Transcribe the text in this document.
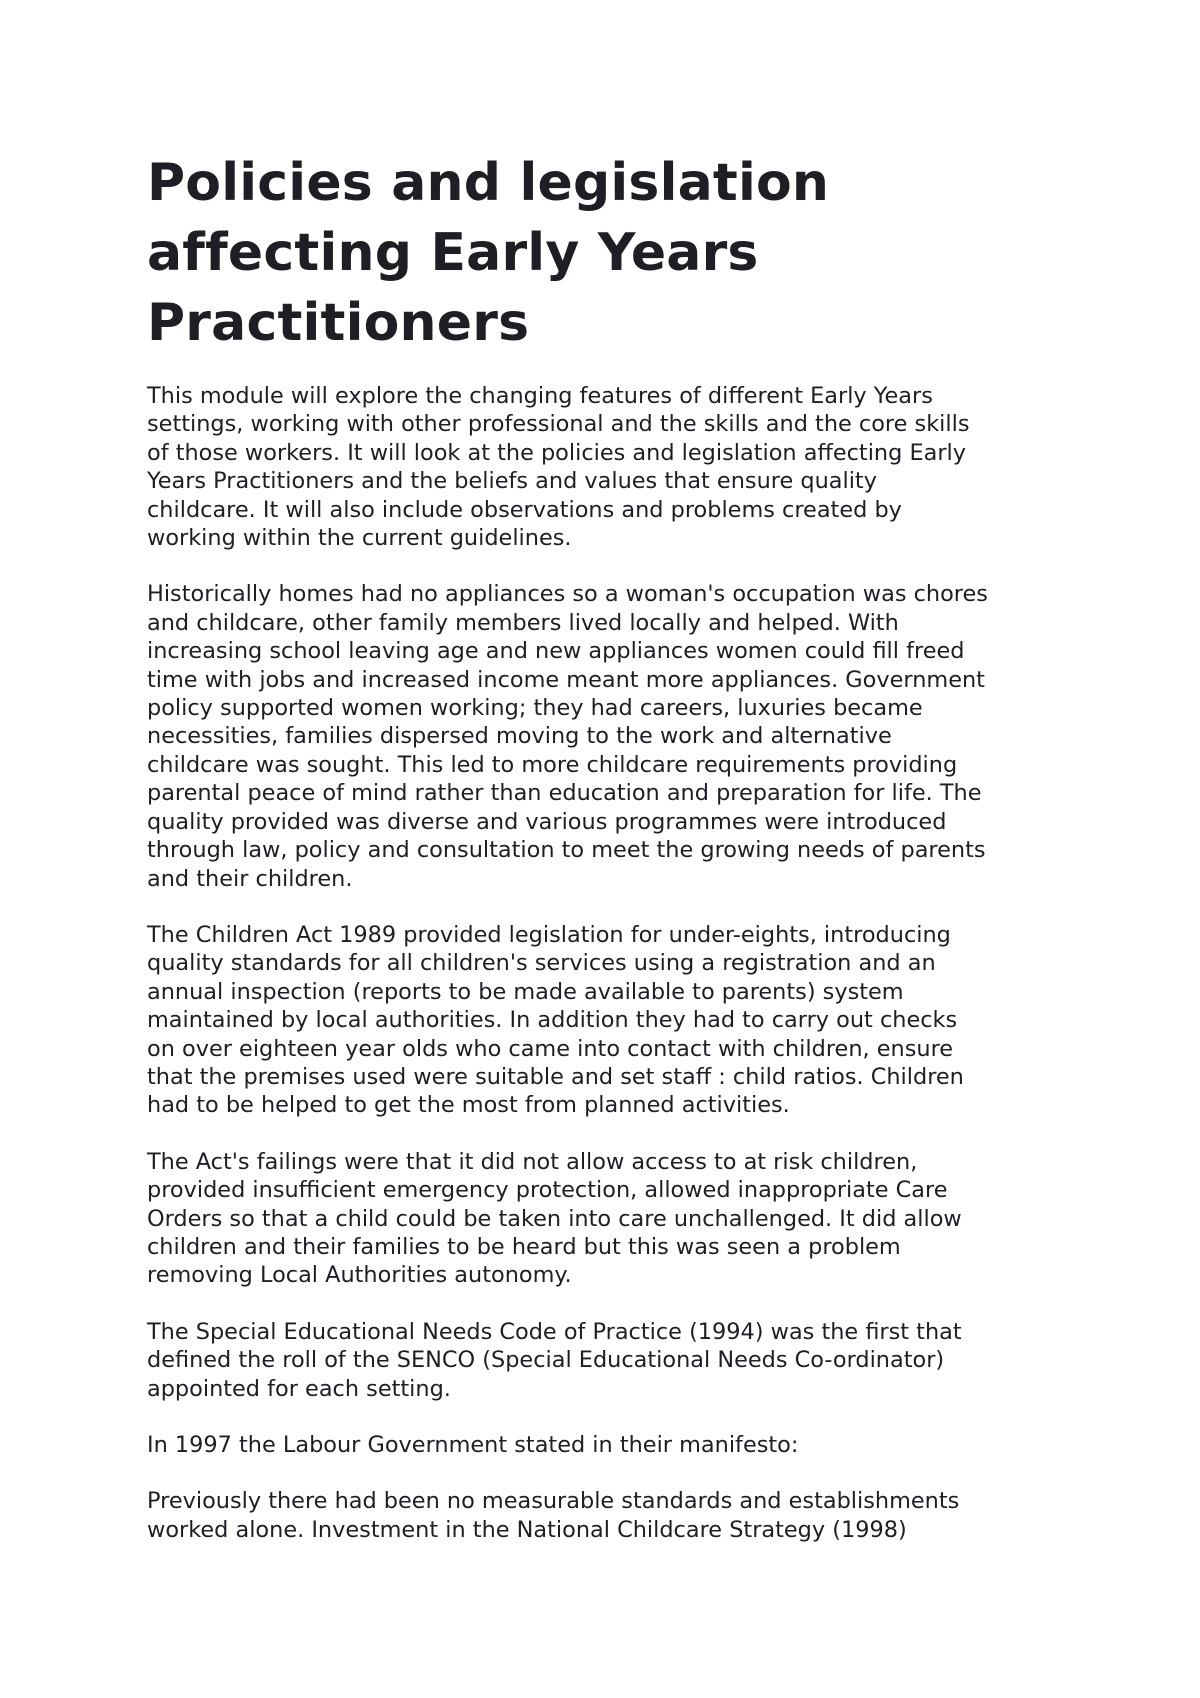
Policies and legislation
affecting Early Years
Practitioners

This module will explore the changing features of different Early Years
settings, working with other professional and the skills and the core skills
of those workers. It will look at the policies and legislation affecting Early
Years Practitioners and the beliefs and values that ensure quality
childcare. It will also include observations and problems created by
working within the current guidelines.

Historically homes had no appliances so a woman's occupation was chores
and childcare, other family members lived locally and helped. With
increasing school leaving age and new appliances women could fill freed
time with jobs and increased income meant more appliances. Government
policy supported women working; they had careers, luxuries became
necessities, families dispersed moving to the work and alternative
childcare was sought. This led to more childcare requirements providing
parental peace of mind rather than education and preparation for life. The
quality provided was diverse and various programmes were introduced
through law, policy and consultation to meet the growing needs of parents
and their children.

The Children Act 1989 provided legislation for under-eights, introducing
quality standards for all children's services using a registration and an
annual inspection (reports to be made available to parents) system
maintained by local authorities. In addition they had to carry out checks
on over eighteen year olds who came into contact with children, ensure
that the premises used were suitable and set staff : child ratios. Children
had to be helped to get the most from planned activities.

The Act's failings were that it did not allow access to at risk children,
provided insufficient emergency protection, allowed inappropriate Care
Orders so that a child could be taken into care unchallenged. It did allow
children and their families to be heard but this was seen a problem
removing Local Authorities autonomy.

The Special Educational Needs Code of Practice (1994) was the first that
defined the roll of the SENCO (Special Educational Needs Co-ordinator)
appointed for each setting.

In 1997 the Labour Government stated in their manifesto:

Previously there had been no measurable standards and establishments
worked alone. Investment in the National Childcare Strategy (1998)
